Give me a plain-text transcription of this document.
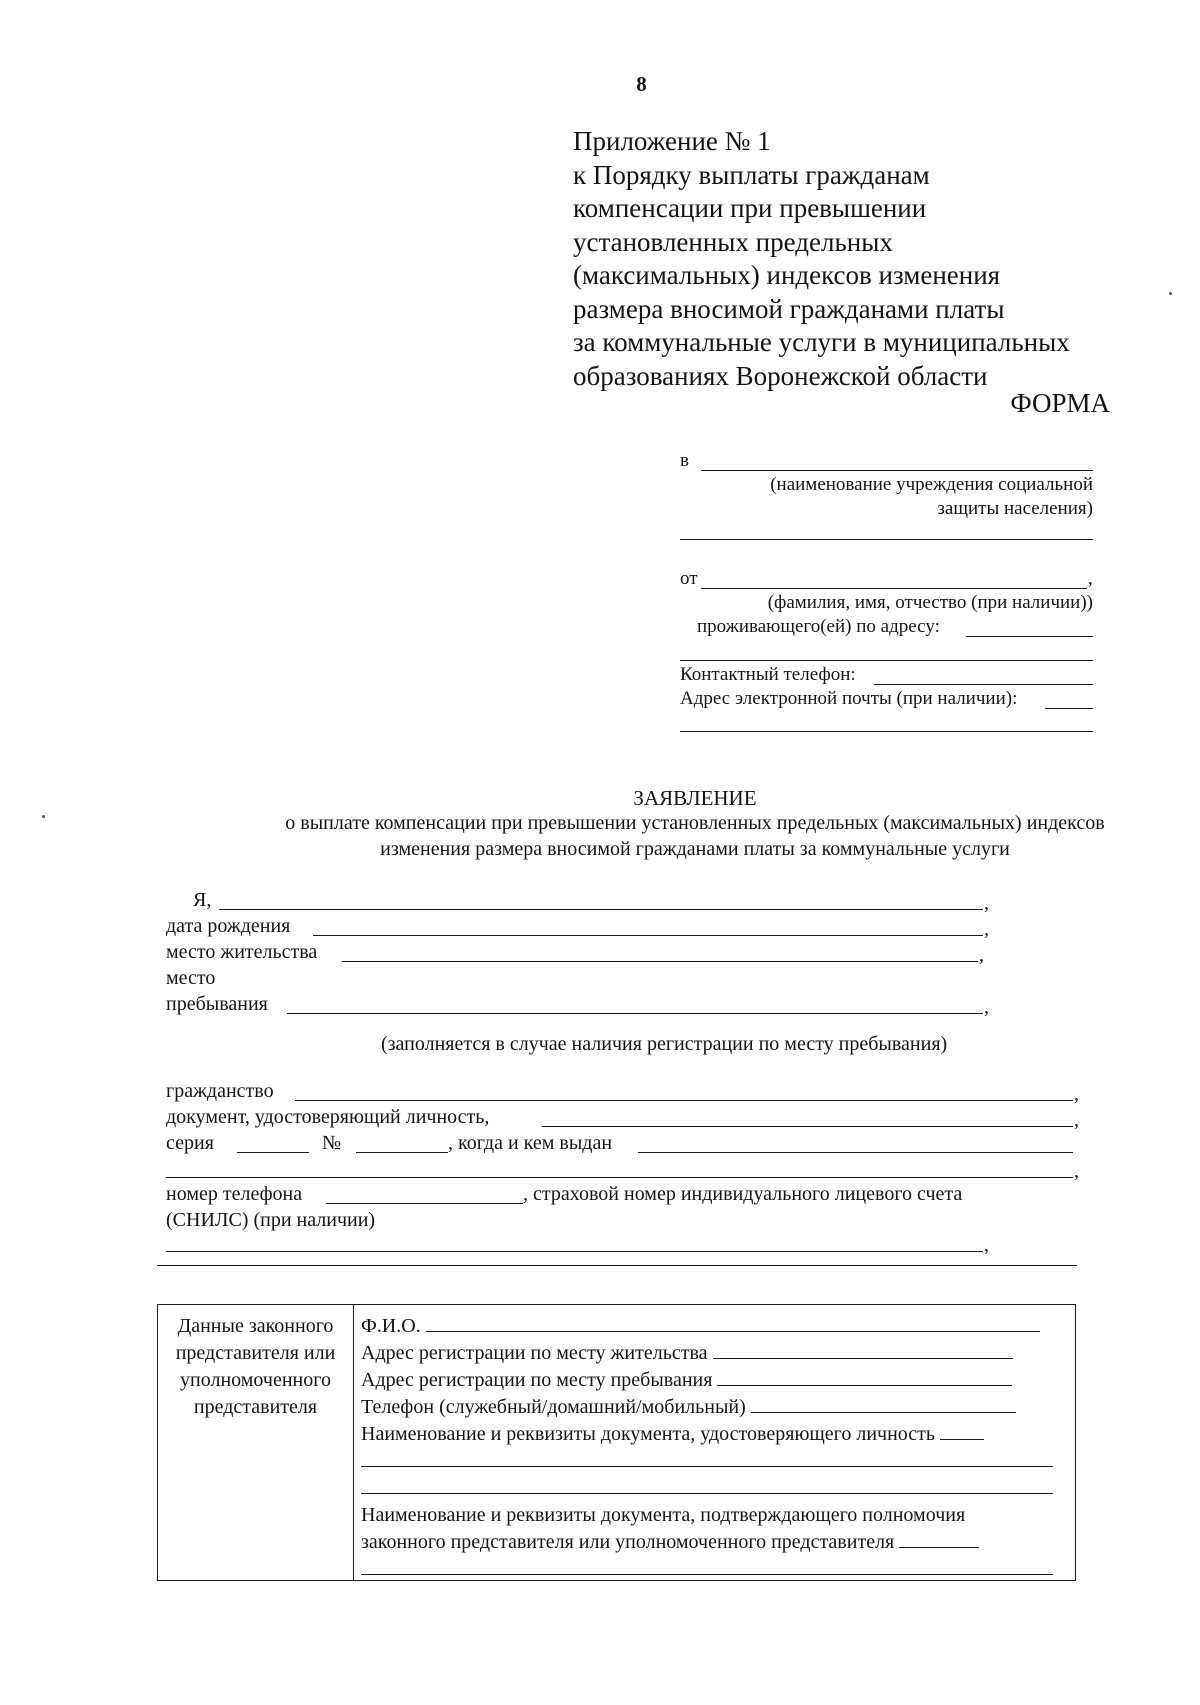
8
Приложение № 1
к Порядку выплаты гражданам
компенсации при превышении
установленных предельных
(максимальных) индексов изменения
размера вносимой гражданами платы
за коммунальные услуги в муниципальных
образованиях Воронежской области
ФОРМА
в
(наименование учреждения социальной
защиты населения)
от	,
(фамилия, имя, отчество (при наличии))
проживающего(ей) по адресу:
Контактный телефон:
Адрес электронной почты (при наличии):
ЗАЯВЛЕНИЕ
о выплате компенсации при превышении установленных предельных (максимальных) индексов
изменения размера вносимой гражданами платы за коммунальные услуги
Я,	,
дата рождения	,
место жительства	,
место
пребывания	,
(заполняется в случае наличия регистрации по месту пребывания)
гражданство	,
документ, удостоверяющий личность,	,
серия	№	, когда и кем выдан
,
номер телефона	, страховой номер индивидуального лицевого счета
(СНИЛС) (при наличии)
,
Данные законного представителя или уполномоченного представителя
Ф.И.О.
Адрес регистрации по месту жительства
Адрес регистрации по месту пребывания
Телефон (служебный/домашний/мобильный)
Наименование и реквизиты документа, удостоверяющего личность
Наименование и реквизиты документа, подтверждающего полномочия
законного представителя или уполномоченного представителя
